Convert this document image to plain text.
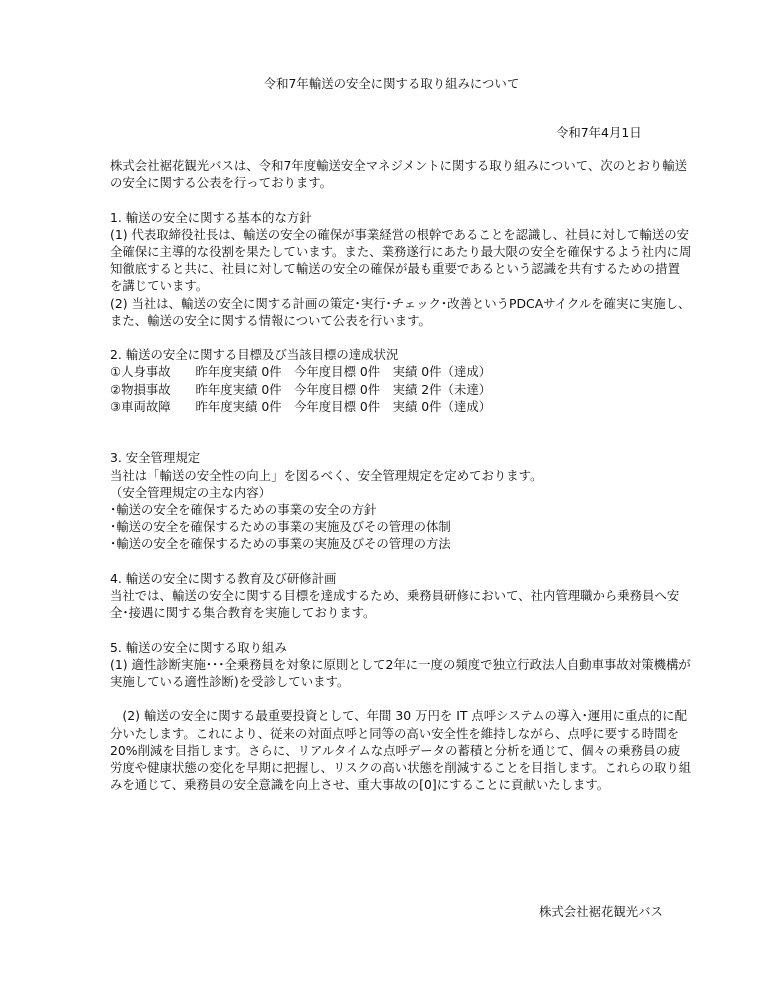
令和7年輸送の安全に関する取り組みについて
令和7年4月1日

株式会社裾花観光バスは、令和7年度輸送安全マネジメントに関する取り組みについて、次のとおり輸送の安全に関する公表を行っております。

1. 輸送の安全に関する基本的な方針

(1) 代表取締役社長は、輸送の安全の確保が事業経営の根幹であることを認識し、社員に対して輸送の安全確保に主導的な役割を果たしています。また、業務遂行にあたり最大限の安全を確保するよう社内に周知徹底すると共に、社員に対して輸送の安全の確保が最も重要であるという認識を共有するための措置を講じています。

(2) 当社は、輸送の安全に関する計画の策定･実行･チェック･改善というPDCAサイクルを確実に実施し、また、輸送の安全に関する情報について公表を行います。

2. 輸送の安全に関する目標及び当該目標の達成状況

①人身事故　　昨年度実績 0件　今年度目標 0件　実績 0件（達成）

②物損事故　　昨年度実績 0件　今年度目標 0件　実績 2件（未達）

③車両故障　　昨年度実績 0件　今年度目標 0件　実績 0件（達成）

3. 安全管理規定

当社は「輸送の安全性の向上」を図るべく、安全管理規定を定めております。

（安全管理規定の主な内容）

･輸送の安全を確保するための事業の安全の方針

･輸送の安全を確保するための事業の実施及びその管理の体制

･輸送の安全を確保するための事業の実施及びその管理の方法

4. 輸送の安全に関する教育及び研修計画

当社では、輸送の安全に関する目標を達成するため、乗務員研修において、社内管理職から乗務員へ安全･接遇に関する集合教育を実施しております。

5. 輸送の安全に関する取り組み

(1) 適性診断実施･･･全乗務員を対象に原則として2年に一度の頻度で独立行政法人自動車事故対策機構が実施している適性診断)を受診しています。

　(2) 輸送の安全に関する最重要投資として、年間 30 万円を IT 点呼システムの導入･運用に重点的に配分いたします。これにより、従来の対面点呼と同等の高い安全性を維持しながら、点呼に要する時間を　 20%削減を目指します。さらに、リアルタイムな点呼データの蓄積と分析を通じて、個々の乗務員の疲労度や健康状態の変化を早期に把握し、リスクの高い状態を削減することを目指します。これらの取り組みを通じて、乗務員の安全意識を向上させ、重大事故の[0]にすることに貢献いたします。

株式会社裾花観光バス
